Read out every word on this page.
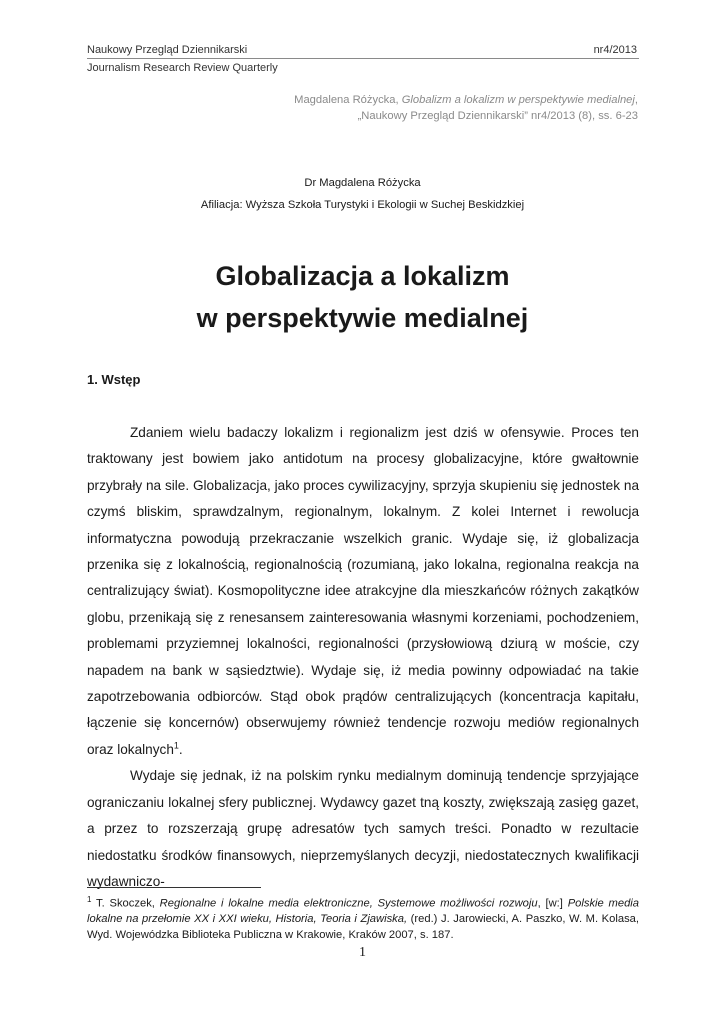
Naukowy Przegląd Dziennikarski	nr4/2013
Journalism Research Review Quarterly
Magdalena Różycka, Globalizm a lokalizm w perspektywie medialnej,
„Naukowy Przegląd Dziennikarski” nr4/2013 (8), ss. 6-23
Dr Magdalena Różycka
Afiliacja: Wyższa Szkoła Turystyki i Ekologii w Suchej Beskidzkiej
Globalizacja a lokalizm
w perspektywie medialnej
1. Wstęp

Zdaniem wielu badaczy lokalizm i regionalizm jest dziś w ofensywie. Proces ten traktowany jest bowiem jako antidotum na procesy globalizacyjne, które gwałtownie przybrały na sile. Globalizacja, jako proces cywilizacyjny, sprzyja skupieniu się jednostek na czymś bliskim, sprawdzalnym, regionalnym, lokalnym. Z kolei Internet i rewolucja informatyczna powodują przekraczanie wszelkich granic. Wydaje się, iż globalizacja przenika się z lokalnością, regionalnością (rozumianą, jako lokalna, regionalna reakcja na centralizujący świat). Kosmopolityczne idee atrakcyjne dla mieszkańców różnych zakątków globu, przenikają się z renesansem zainteresowania własnymi korzeniami, pochodzeniem, problemami przyziemnej lokalności, regionalności (przysłowiową dziurą w moście, czy napadem na bank w sąsiedztwie). Wydaje się, iż media powinny odpowiadać na takie zapotrzebowania odbiorców. Stąd obok prądów centralizujących (koncentracja kapitału, łączenie się koncernów) obserwujemy również tendencje rozwoju mediów regionalnych oraz lokalnych$^1$.

Wydaje się jednak, iż na polskim rynku medialnym dominują tendencje sprzyjające ograniczaniu lokalnej sfery publicznej. Wydawcy gazet tną koszty, zwiększają zasięg gazet, a przez to rozszerzają grupę adresatów tych samych treści. Ponadto w rezultacie niedostatku środków finansowych, nieprzemyślanych decyzji, niedostatecznych kwalifikacji wydawniczo-

$^1$ T. Skoczek, Regionalne i lokalne media elektroniczne, Systemowe możliwości rozwoju, [w:] Polskie media lokalne na przełomie XX i XXI wieku, Historia, Teoria i Zjawiska, (red.) J. Jarowiecki, A. Paszko, W. M. Kolasa, Wyd. Wojewódzka Biblioteka Publiczna w Krakowie, Kraków 2007, s. 187.
1
